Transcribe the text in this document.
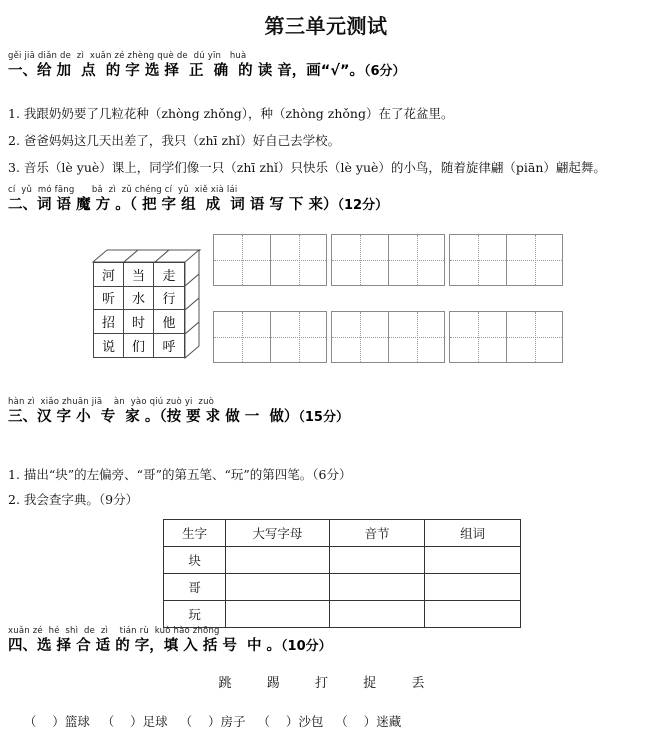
第三单元测试
gěi jiā diǎn de  zì  xuǎn zé zhèng què de  dú yīn   huà
一、给 加  点  的 字 选 择  正  确  的 读 音，画“√”。（6分）
1. 我跟奶奶要了几粒花种（zhòng zhǒng），种（zhòng zhǒng）在了花盆里。
2. 爸爸妈妈这几天出差了，我只（zhī zhǐ）好自己去学校。
3. 音乐（lè yuè）课上，同学们像一只（zhī zhǐ）只快乐（lè yuè）的小鸟，随着旋律翩（piān）翩起舞。
cí  yǔ  mó fāng      bǎ  zì  zǔ chéng cí  yǔ  xiě xià lái
二、词 语 魔 方 。（ 把 字 组  成  词 语 写 下 来）（12分）
河	当	走
听	水	行
招	时	他
说	们	呼
hàn zì  xiǎo zhuān jiā    àn  yào qiú zuò yi  zuò
三、汉 字 小  专  家 。（按 要 求 做 一  做）（15分）
1. 描出“块”的左偏旁、“哥”的第五笔、“玩”的第四笔。（6分）
2. 我会查字典。（9分）
生字	大写字母	音节	组词
块			
哥			
玩			
xuǎn zé  hé  shì  de  zì    tián rù  kuò hào zhōng
四、选 择 合 适 的 字，填 入 括 号  中 。（10分）
跳  踢  打  捉  丢

（    ）篮球 （    ）足球 （    ）房子 （    ）沙包 （    ）迷藏
